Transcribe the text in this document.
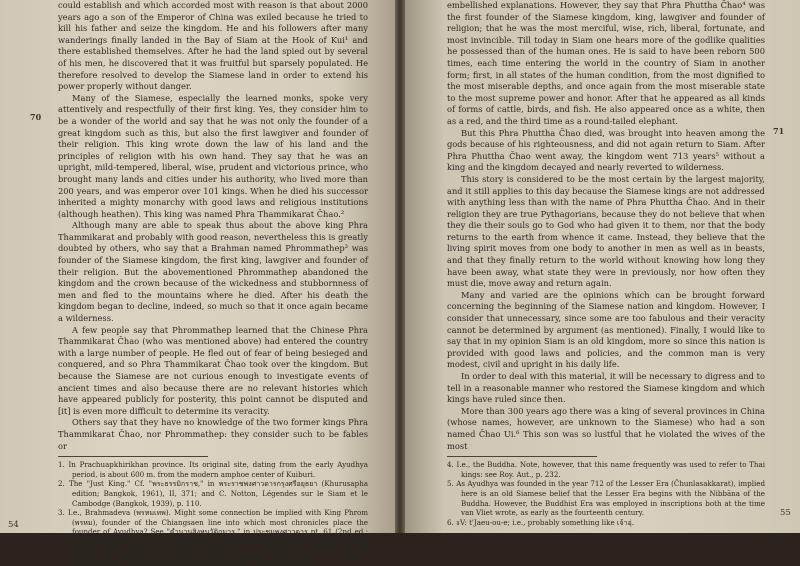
could establish and which accorded most with reason is that about 2000 years ago a son of the Emperor of China was exiled because he tried to kill his father and seize the kingdom. He and his followers after many wanderings finally landed in the Bay of Siam at the Hook of Kui¹ and there established themselves. After he had the land spied out by several of his men, he discovered that it was fruitful but sparsely populated. He therefore resolved to develop the Siamese land in order to extend his power properly without danger.

Many of the Siamese, especially the learned monks, spoke very attentively and respectfully of their first king. Yes, they consider him to be a wonder of the world and say that he was not only the founder of a great kingdom such as this, but also the first lawgiver and founder of their religion. This king wrote down the law of his land and the principles of religion with his own hand. They say that he was an upright, mild-tempered, liberal, wise, prudent and victorious prince, who brought many lands and cities under his authority, who lived more than 200 years, and was emperor over 101 kings. When he died his successor inherited a mighty monarchy with good laws and religious institutions (although heathen). This king was named Phra Thammikarat Čhao.²

Although many are able to speak thus about the above king Phra Thammikarat and probably with good reason, nevertheless this is greatly doubted by others, who say that a Brahman named Phrommathep³ was founder of the Siamese kingdom, the first king, lawgiver and founder of their religion. But the abovementioned Phrommathep abandoned the kingdom and the crown because of the wickedness and stubbornness of men and fled to the mountains where he died. After his death the kingdom began to decline, indeed, so much so that it once again became a wilderness.

A few people say that Phrommathep learned that the Chinese Phra Thammikarat Čhao (who was mentioned above) had entered the country with a large number of people. He fled out of fear of being besieged and conquered, and so Phra Thammikarat Čhao took over the kingdom. But because the Siamese are not curious enough to investigate events of ancient times and also because there are no relevant histories which have appeared publicly for posterity, this point cannot be disputed and [it] is even more difficult to determine its veracity.

Others say that they have no knowledge of the two former kings Phra Thammikarat Čhao, nor Phrommathep: they consider such to be fables or

1. In Prachuapkhirikhan province. Its original site, dating from the early Ayudhya period, is about 600 m. from the modern amphoe center of Kuiburi.

2. The "Just King." Cf. "พระธรรมิกราช," in พระราชพงศาวดารกรุงศรีอยุธยา (Khurusapha edition; Bangkok, 1961), II, 371; and C. Notton, Légendes sur le Siam et le Cambodge (Bangkok, 1939), p. 110.

3. I.e., Brahmadeva (พรหมเทพ). Might some connection be implied with King Phrom (พรหม), founder of the Chiangsaen line into which most chronicles place the founder of Ayudhya? See "ตำนานสิงหนวัติกุมาร," in ประชุมพงศาวดาร pt. 61 (2nd ed.; Bangkok, 1972), pp. 75 ff.; and Prince Damrong Rajanubhab, "Siamese history prior to the founding of Ayudhya," JSS XIII, pt. 2; reprinted in Selected Articles from the Siam Society Journal, vol. III (Bangkok, 1959), pp. 69–74.

70
54

embellished explanations. However, they say that Phra Phuttha Čhao⁴ was the first founder of the Siamese kingdom, king, lawgiver and founder of religion; that he was the most merciful, wise, rich, liberal, fortunate, and most invincible. Till today in Siam one hears more of the godlike qualities he possessed than of the human ones. He is said to have been reborn 500 times, each time entering the world in the country of Siam in another form; first, in all states of the human condition, from the most dignified to the most miserable depths, and once again from the most miserable state to the most supreme power and honor. After that he appeared as all kinds of forms of cattle, birds, and fish. He also appeared once as a white, then as a red, and the third time as a round-tailed elephant.

But this Phra Phuttha Čhao died, was brought into heaven among the gods because of his righteousness, and did not again return to Siam. After Phra Phuttha Čhao went away, the kingdom went 713 years⁵ without a king and the kingdom decayed and nearly reverted to wilderness.

This story is considered to be the most certain by the largest majority, and it still applies to this day because the Siamese kings are not addressed with anything less than with the name of Phra Phuttha Čhao. And in their religion they are true Pythagorians, because they do not believe that when they die their souls go to God who had given it to them, nor that the body returns to the earth from whence it came. Instead, they believe that the living spirit moves from one body to another in men as well as in beasts, and that they finally return to the world without knowing how long they have been away, what state they were in previously, nor how often they must die, move away and return again.

Many and varied are the opinions which can be brought forward concerning the beginning of the Siamese nation and kingdom. However, I consider that unnecessary, since some are too fabulous and their veracity cannot be determined by argument (as mentioned). Finally, I would like to say that in my opinion Siam is an old kingdom, more so since this nation is provided with good laws and policies, and the common man is very modest, civil and upright in his daily life.

In order to deal with this material, it will be necessary to digress and to tell in a reasonable manner who restored the Siamese kingdom and which kings have ruled since then.

More than 300 years ago there was a king of several provinces in China (whose names, however, are unknown to the Siamese) who had a son named Čhao Ui.⁶ This son was so lustful that he violated the wives of the most

4. I.e., the Buddha. Note, however, that this name frequently was used to refer to Thai kings: see Roy. Aut., p. 232.

5. As Ayudhya was founded in the year 712 of the Lesser Era (Čhunlasakkarat), implied here is an old Siamese belief that the Lesser Era begins with the Nibbāna of the Buddha. However, the Buddhist Era was employed in inscriptions both at the time van Vliet wrote, as early as the fourteenth century.

6. ɤV: t'Jaeu-ou-e; i.e., probably something like เจ้าอุ่.

71
55
